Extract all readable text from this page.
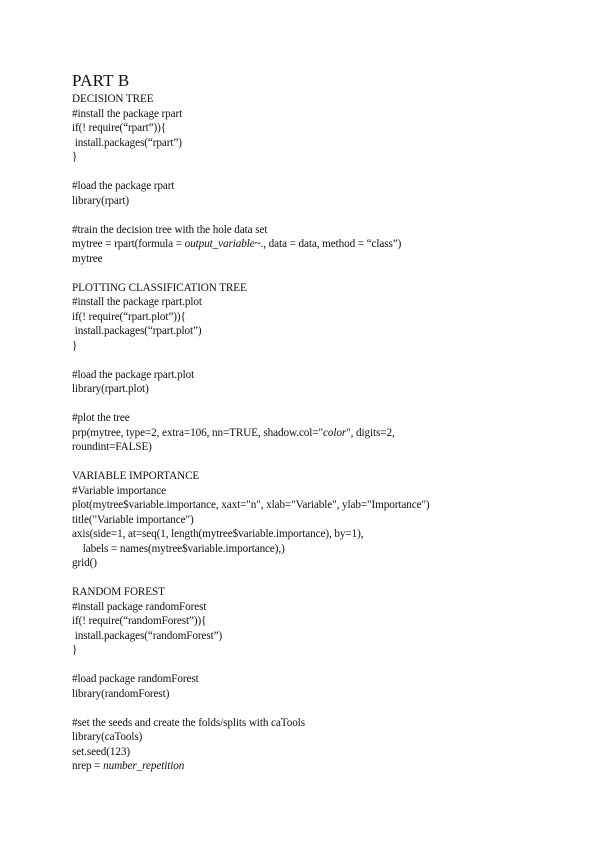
PART B
DECISION TREE
#install the package rpart
if(! require(“rpart”)){
install.packages(“rpart”)
}
#load the package rpart
library(rpart)
#train the decision tree with the hole data set
mytree = rpart(formula = output_variable~., data = data, method = “class”)
mytree
PLOTTING CLASSIFICATION TREE
#install the package rpart.plot
if(! require(“rpart.plot”)){
install.packages(“rpart.plot”)
}
#load the package rpart.plot
library(rpart.plot)
#plot the tree
prp(mytree, type=2, extra=106, nn=TRUE, shadow.col="color", digits=2,
roundint=FALSE)
VARIABLE IMPORTANCE
#Variable importance
plot(mytree$variable.importance, xaxt="n", xlab="Variable", ylab="Importance")
title("Variable importance")
axis(side=1, at=seq(1, length(mytree$variable.importance), by=1),
labels = names(mytree$variable.importance),)
grid()
RANDOM FOREST
#install package randomForest
if(! require(“randomForest”)){
install.packages(“randomForest”)
}
#load package randomForest
library(randomForest)
#set the seeds and create the folds/splits with caTools
library(caTools)
set.seed(123)
nrep = number_repetition
